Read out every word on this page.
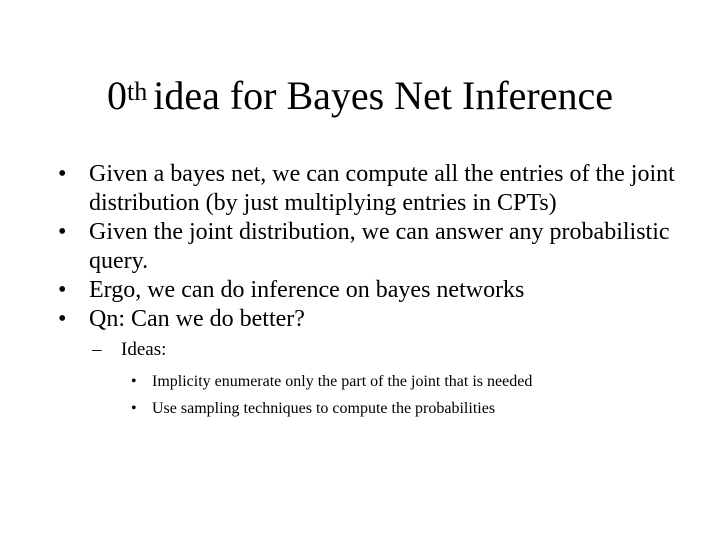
0th idea for Bayes Net Inference
• Given a bayes net, we can compute all the entries of the joint distribution (by just multiplying entries in CPTs)
• Given the joint distribution, we can answer any probabilistic query.
• Ergo, we can do inference on bayes networks
• Qn: Can we do better?
– Ideas:
• Implicity enumerate only the part of the joint that is needed
• Use sampling techniques to compute the probabilities
